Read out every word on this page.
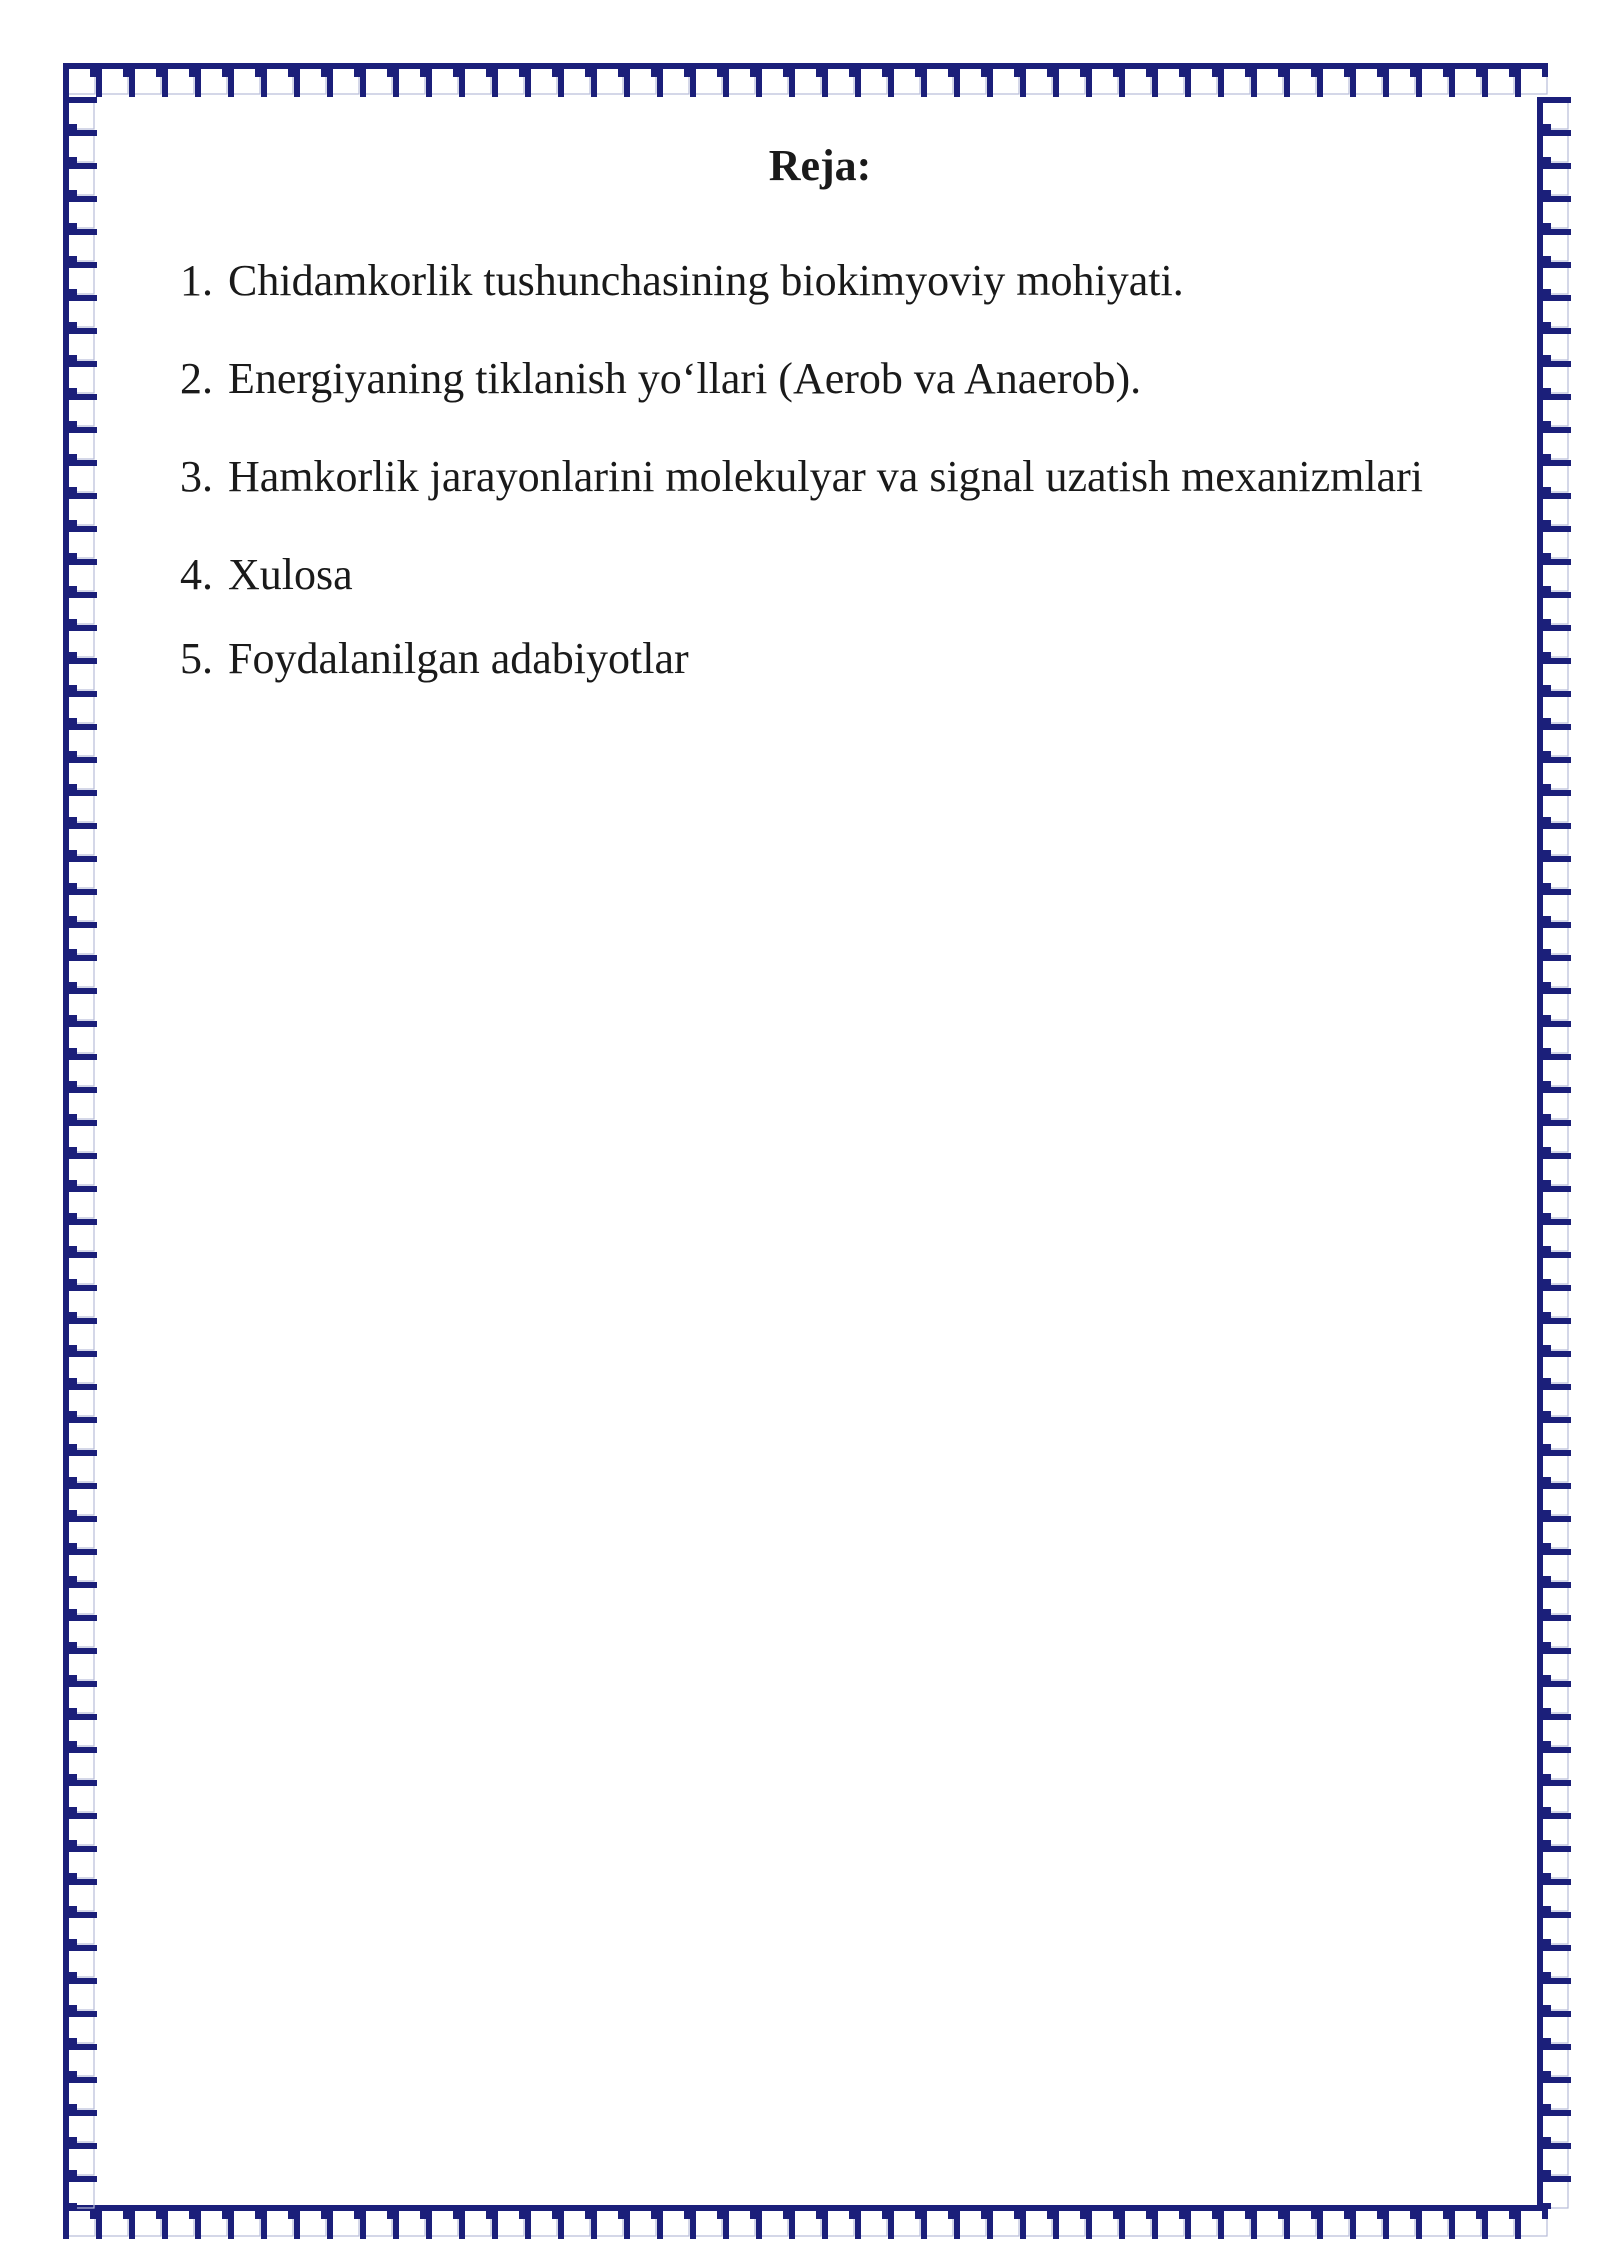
Reja:
1. Chidamkorlik tushunchasining biokimyoviy mohiyati.
2. Energiyaning tiklanish yo‘llari (Aerob va Anaerob).
3. Hamkorlik jarayonlarini molekulyar va signal uzatish mexanizmlari
4. Xulosa
5. Foydalanilgan adabiyotlar
